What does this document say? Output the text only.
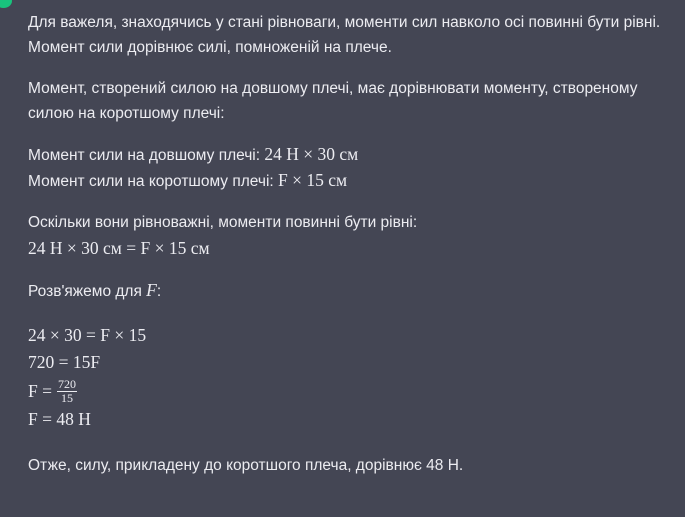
Для важеля, знаходячись у стані рівноваги, моменти сил навколо осі повинні бути рівні. Момент сили дорівнює силі, помноженій на плече.

Момент, створений силою на довшому плечі, має дорівнювати моменту, створеному силою на коротшому плечі:

Момент сили на довшому плечі: 24 Н × 30 см
Момент сили на коротшому плечі: F × 15 см
Оскільки вони рівноважні, моменти повинні бути рівні:
24 Н × 30 см = F × 15 см
Розв'яжемо для F:
24 × 30 = F × 15
720 = 15F
$F = \frac{720}{15}$
F = 48 Н

Отже, силу, прикладену до коротшого плеча, дорівнює 48 Н.
